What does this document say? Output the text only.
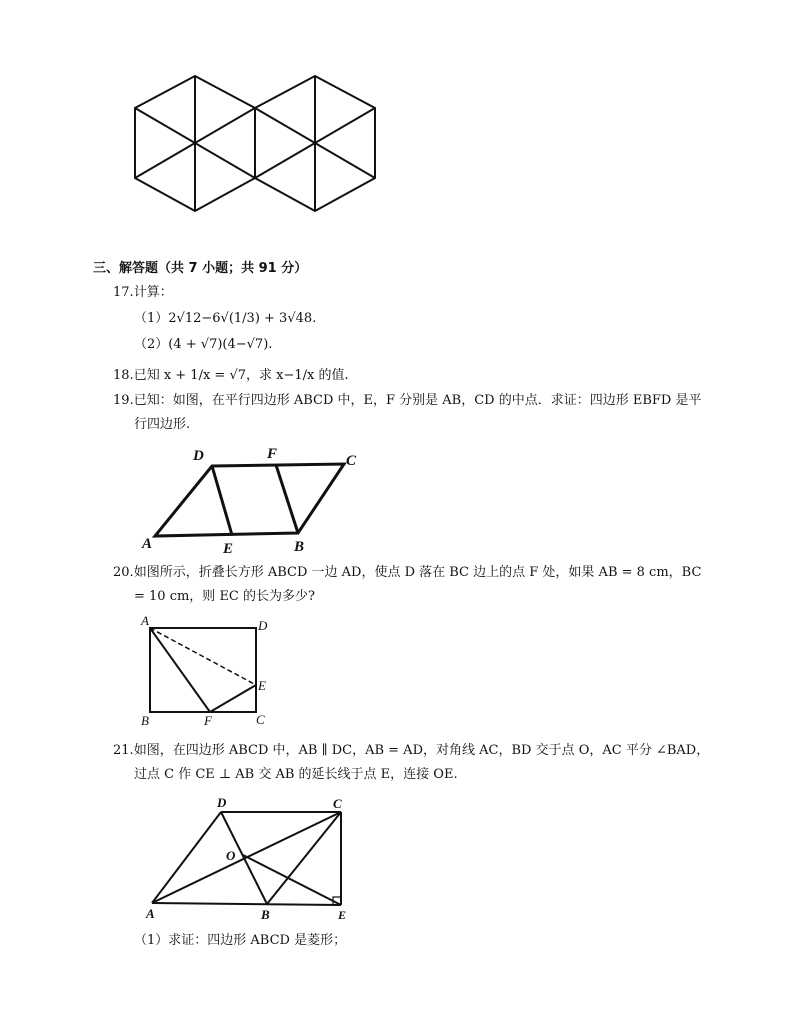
三、解答题（共 7 小题；共 91 分）
17.计算：
（1）2√12−6√(1/3) + 3√48.
（2）(4 + √7)(4−√7).
18.已知 x + 1/x = √7，求 x−1/x 的值.
19.已知：如图，在平行四边形 ABCD 中，E，F 分别是 AB，CD 的中点．求证：四边形 EBFD 是平
行四边形.
D	F	C
A	E	B
20.如图所示，折叠长方形 ABCD 一边 AD，使点 D 落在 BC 边上的点 F 处，如果 AB = 8 cm，BC
= 10 cm，则 EC 的长为多少?
A	D
E
B	F	C
21.如图，在四边形 ABCD 中，AB ∥ DC，AB = AD，对角线 AC，BD 交于点 O，AC 平分 ∠BAD，
过点 C 作 CE ⊥ AB 交 AB 的延长线于点 E，连接 OE.
D	C
O
A	B	E
（1）求证：四边形 ABCD 是菱形；
